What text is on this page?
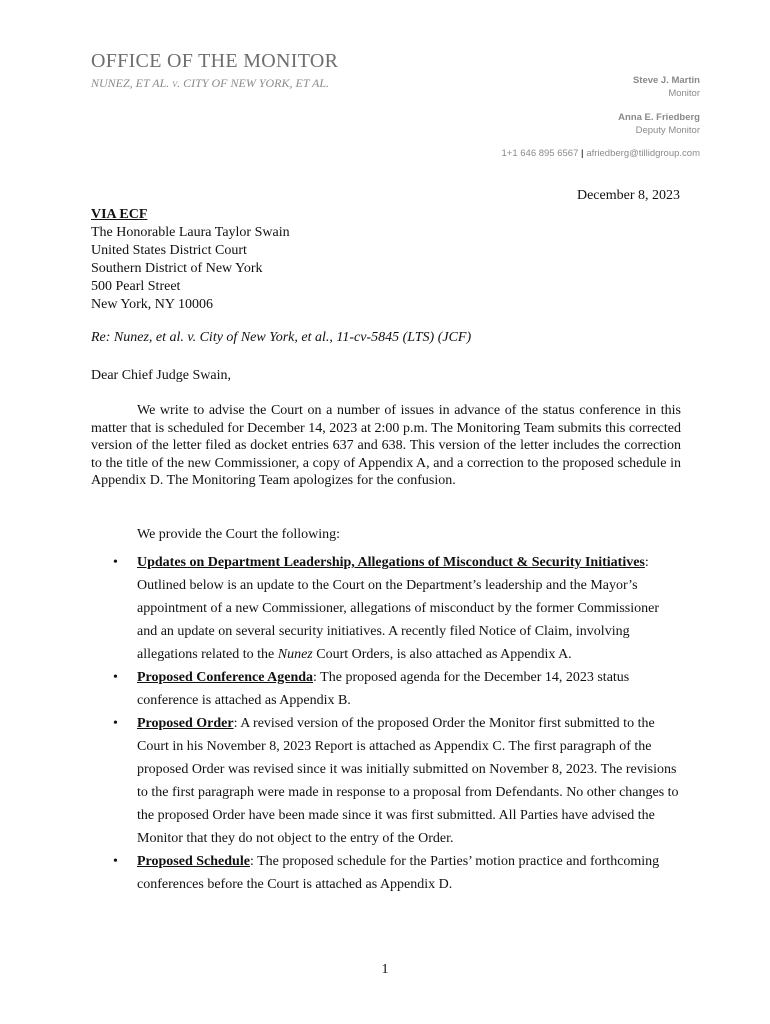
OFFICE OF THE MONITOR
NUNEZ, ET AL. v. CITY OF NEW YORK, ET AL.	Steve J. Martin
Monitor
Anna E. Friedberg
Deputy Monitor
1+1 646 895 6567 | afriedberg@tillidgroup.com
December 8, 2023
VIA ECF
The Honorable Laura Taylor Swain
United States District Court
Southern District of New York
500 Pearl Street
New York, NY 10006
Re: Nunez, et al. v. City of New York, et al., 11-cv-5845 (LTS) (JCF)
Dear Chief Judge Swain,

We write to advise the Court on a number of issues in advance of the status conference in this matter that is scheduled for December 14, 2023 at 2:00 p.m. The Monitoring Team submits this corrected version of the letter filed as docket entries 637 and 638. This version of the letter includes the correction to the title of the new Commissioner, a copy of Appendix A, and a correction to the proposed schedule in Appendix D. The Monitoring Team apologizes for the confusion.

We provide the Court the following:
• Updates on Department Leadership, Allegations of Misconduct & Security Initiatives: Outlined below is an update to the Court on the Department’s leadership and the Mayor’s appointment of a new Commissioner, allegations of misconduct by the former Commissioner and an update on several security initiatives. A recently filed Notice of Claim, involving allegations related to the Nunez Court Orders, is also attached as Appendix A.
• Proposed Conference Agenda: The proposed agenda for the December 14, 2023 status conference is attached as Appendix B.
• Proposed Order: A revised version of the proposed Order the Monitor first submitted to the Court in his November 8, 2023 Report is attached as Appendix C. The first paragraph of the proposed Order was revised since it was initially submitted on November 8, 2023. The revisions to the first paragraph were made in response to a proposal from Defendants. No other changes to the proposed Order have been made since it was first submitted. All Parties have advised the Monitor that they do not object to the entry of the Order.
• Proposed Schedule: The proposed schedule for the Parties’ motion practice and forthcoming conferences before the Court is attached as Appendix D.
1
